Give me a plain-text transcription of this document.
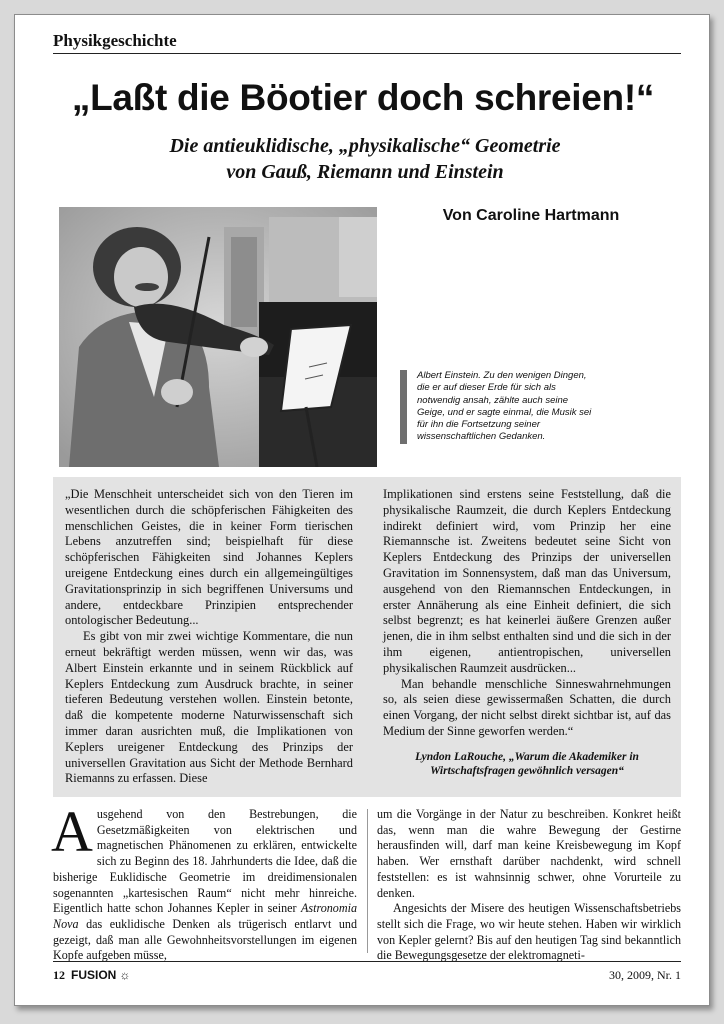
Physikgeschichte
„Laßt die Böotier doch schreien!“
Die antieuklidische, „physikalische“ Geometrie
von Gauß, Riemann und Einstein
Von Caroline Hartmann
Albert Einstein. Zu den wenigen Dingen, die er auf dieser Erde für sich als notwendig ansah, zählte auch seine Geige, und er sagte einmal, die Musik sei für ihn die Fortsetzung seiner wissenschaftlichen Gedanken.

„Die Menschheit unterscheidet sich von den Tieren im wesentlichen durch die schöpferischen Fähigkeiten des menschlichen Geistes, die in keiner Form tierischen Lebens anzutreffen sind; beispielhaft für diese schöpferischen Fähigkeiten sind Johannes Keplers ureigene Entdeckung eines durch ein allgemeingültiges Gravitationsprinzip in sich begriffenen Universums und andere, entdeckbare Prinzipien entsprechender ontologischer Bedeutung...

Es gibt von mir zwei wichtige Kommentare, die nun erneut bekräftigt werden müssen, wenn wir das, was Albert Einstein erkannte und in seinem Rückblick auf Keplers Entdeckung zum Ausdruck brachte, in seiner tieferen Bedeutung verstehen wollen. Einstein betonte, daß die kompetente moderne Naturwissenschaft sich immer daran ausrichten muß, die Implikationen von Keplers ureigener Entdeckung des Prinzips der universellen Gravitation aus Sicht der Methode Bernhard Riemanns zu erfassen. Diese

Implikationen sind erstens seine Feststellung, daß die physikalische Raumzeit, die durch Keplers Entdeckung indirekt definiert wird, vom Prinzip her eine Riemannsche ist. Zweitens bedeutet seine Sicht von Keplers Entdeckung des Prinzips der universellen Gravitation im Sonnensystem, daß man das Universum, ausgehend von den Riemannschen Entdeckungen, in erster Annäherung als eine Einheit definiert, die sich selbst begrenzt; es hat keinerlei äußere Grenzen außer jenen, die in ihm selbst enthalten sind und die sich in der ihm eigenen, antientropischen, universellen physikalischen Raumzeit ausdrücken...

Man behandle menschliche Sinneswahrnehmungen so, als seien diese gewissermaßen Schatten, die durch einen Vorgang, der nicht selbst direkt sichtbar ist, auf das Medium der Sinne geworfen werden.“

Lyndon LaRouche, „Warum die Akademiker in
Wirtschaftsfragen gewöhnlich versagen“

Ausgehend von den Bestrebungen, die Gesetzmäßigkeiten von elektrischen und magnetischen Phänomenen zu erklären, entwickelte sich zu Beginn des 18. Jahrhunderts die Idee, daß die bisherige Euklidische Geometrie im dreidimensionalen sogenannten „kartesischen Raum“ nicht mehr hinreiche. Eigentlich hatte schon Johannes Kepler in seiner Astronomia Nova das euklidische Denken als trügerisch entlarvt und gezeigt, daß man alle Gewohnheitsvorstellungen im eigenen Kopfe aufgeben müsse,

um die Vorgänge in der Natur zu beschreiben. Konkret heißt das, wenn man die wahre Bewegung der Gestirne herausfinden will, darf man keine Kreisbewegung im Kopf haben. Wer ernsthaft darüber nachdenkt, wird schnell feststellen: es ist wahnsinnig schwer, ohne Vorurteile zu denken.

Angesichts der Misere des heutigen Wissenschaftsbetriebs stellt sich die Frage, wo wir heute stehen. Haben wir wirklich von Kepler gelernt? Bis auf den heutigen Tag sind bekanntlich die Bewegungsgesetze der elektromagneti-

12 FUSION ☼	30, 2009, Nr. 1
